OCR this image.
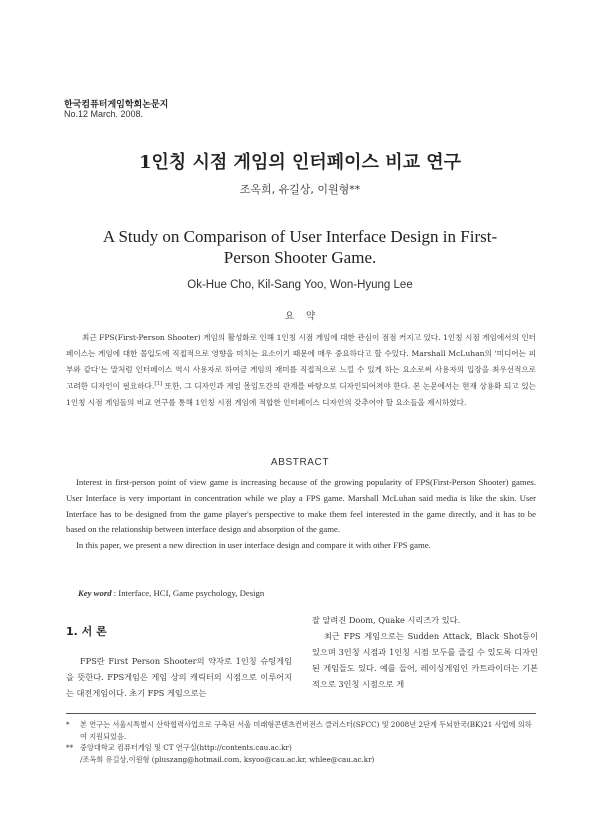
한국컴퓨터게임학회논문지
No.12 March. 2008.
1인칭 시점 게임의 인터페이스 비교 연구
조옥희, 유길상, 이원형**
A Study on Comparison of User Interface Design in First-Person Shooter Game.
Ok-Hue Cho, Kil-Sang Yoo, Won-Hyung Lee
요약

최근 FPS(First-Person Shooter) 게임의 활성화로 인해 1인칭 시점 게임에 대한 관심이 점점 커지고 있다. 1인칭 시점 게임에서의 인터페이스는 게임에 대한 몰입도에 직접적으로 영향을 미치는 요소이기 때문에 매우 중요하다고 할 수있다. Marshall McLuhan의 '미디어는 피부와 같다'는 말처럼 인터페이스 역시 사용자로 하여금 게임의 재미를 직접적으로 느낄 수 있게 하는 요소로써 사용자의 입장을 최우선적으로 고려한 디자인이 필요하다.[1] 또한, 그 디자인과 게임 몰입도간의 관계를 바탕으로 디자인되어져야 한다. 본 논문에서는 현재 상용화 되고 있는 1인칭 시점 게임들의 비교 연구를 통해 1인칭 시점 게임에 적합한 인터페이스 디자인의 갖추어야 할 요소들을 제시하였다.

ABSTRACT

Interest in first-person point of view game is increasing because of the growing popularity of FPS(First-Person Shooter) games. User Interface is very important in concentration while we play a FPS game. Marshall McLuhan said media is like the skin. User Interface has to be designed from the game player's perspective to make them feel interested in the game directly, and it has to be based on the relationship between interface design and absorption of the game.

In this paper, we present a new direction in user interface design and compare it with other FPS game.

Key word : Interface, HCI, Game psychology, Design
1. 서 론

FPS란 First Person Shooter의 약자로 1인칭 슈팅게임을 뜻한다. FPS게임은 게임 상의 캐릭터의 시점으로 이루어지는 대전게임이다. 초기 FPS 게임으로는

잘 알려진 Doom, Quake 시리즈가 있다.

최근 FPS 게임으로는 Sudden Attack, Black Shot등이 있으며 3인칭 시점과 1인칭 시점 모두를 즐길 수 있도록 디자인 된 게임들도 있다. 예를 들어, 레이싱게임인 카트라이더는 기본적으로 3인칭 시점으로 게

*	본 연구는 서울시특별시 산학협력사업으로 구축된 서울 미래형콘텐츠컨버전스 클러스터(SFCC) 및 2008년 2단계 두뇌한국(BK)21 사업에 의하여 지원되었음.
** 중앙대학교 컴퓨터게임 및 CT 연구실(http://contents.cau.ac.kr)
/조옥희 유길상,이원형 (pluszang@hotmail.com, ksyoo@cau.ac.kr, whlee@cau.ac.kr)
